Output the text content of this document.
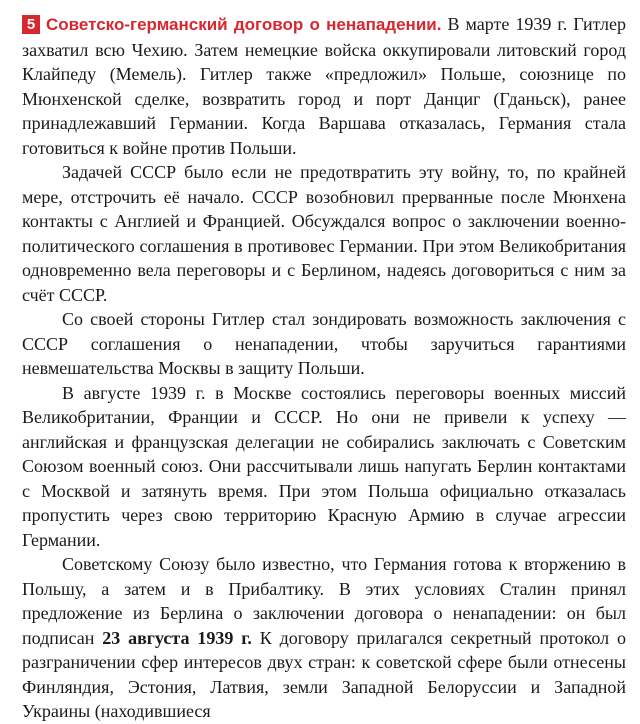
5 Советско-германский договор о ненападении. В марте 1939 г. Гитлер захватил всю Чехию. Затем немецкие войска оккупировали литовский город Клайпеду (Мемель). Гитлер также «предложил» Польше, союзнице по Мюнхенской сделке, возвратить город и порт Данциг (Гданьск), ранее принадлежавший Германии. Когда Варшава отказалась, Германия стала готовиться к войне против Польши.

Задачей СССР было если не предотвратить эту войну, то, по крайней мере, отстрочить её начало. СССР возобновил прерванные после Мюнхена контакты с Англией и Францией. Обсуждался вопрос о заключении военно-политического соглашения в противовес Германии. При этом Великобритания одновременно вела переговоры и с Берлином, надеясь договориться с ним за счёт СССР.

Со своей стороны Гитлер стал зондировать возможность заключения с СССР соглашения о ненападении, чтобы заручиться гарантиями невмешательства Москвы в защиту Польши.

В августе 1939 г. в Москве состоялись переговоры военных миссий Великобритании, Франции и СССР. Но они не привели к успеху — английская и французская делегации не собирались заключать с Советским Союзом военный союз. Они рассчитывали лишь напугать Берлин контактами с Москвой и затянуть время. При этом Польша официально отказалась пропустить через свою территорию Красную Армию в случае агрессии Германии.

Советскому Союзу было известно, что Германия готова к вторжению в Польшу, а затем и в Прибалтику. В этих условиях Сталин принял предложение из Берлина о заключении договора о ненападении: он был подписан 23 августа 1939 г. К договору прилагался секретный протокол о разграничении сфер интересов двух стран: к советской сфере были отнесены Финляндия, Эстония, Латвия, земли Западной Белоруссии и Западной Украины (находившиеся
